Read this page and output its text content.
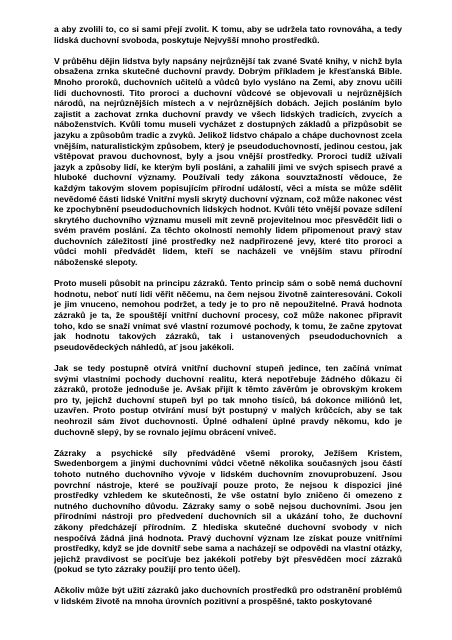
a aby zvolili to, co si sami přejí zvolit. K tomu, aby se udržela tato rovnováha, a tedy lidská duchovní svoboda, poskytuje Nejvyšší mnoho prostředků.

V průběhu dějin lidstva byly napsány nejrůznější tak zvané Svaté knihy, v nichž byla obsažena zrnka skutečné duchovní pravdy. Dobrým příkladem je křesťanská Bible. Mnoho proroků, duchovních učitelů a vůdců bylo vysláno na Zemi, aby znovu učili lidi duchovnosti. Tito proroci a duchovní vůdcové se objevovali u nejrůznějších národů, na nejrůznějších místech a v nejrůznějších dobách. Jejich posláním bylo zajistit a zachovat zrnka duchovní pravdy ve všech lidských tradicích, zvycích a náboženstvích. Kvůli tomu museli vycházet z dostupných základů a přizpůsobit se jazyku a způsobům tradic a zvyků. Jelikož lidstvo chápalo a chápe duchovnost zcela vnějším, naturalistickým způsobem, který je pseudoduchovností, jedinou cestou, jak vštěpovat pravou duchovnost, byly a jsou vnější prostředky. Proroci tudíž užívali jazyk a způsoby lidí, ke kterým byli posláni, a zahalili jimi ve svých spisech pravé a hluboké duchovní významy. Používali tedy zákona souvztažností vědouce, že každým takovým slovem popisujícím přírodní událostí, věci a místa se může sdělit nevědomé části lidské Vnitřní mysli skrytý duchovní význam, což může nakonec vést ke zpochybnění pseudoduchovních lidských hodnot. Kvůli této vnější povaze sdílení skrytého duchovního významu museli mít zevně projevitelnou moc přesvědčit lidi o svém pravém poslání. Za těchto okolností nemohly lidem připomenout pravý stav duchovních záležitostí jiné prostředky než nadpřirozené jevy, které tito proroci a vůdci mohli předvádět lidem, kteří se nacházeli ve vnějším stavu přírodní náboženské slepoty.

Proto museli působit na principu zázraků. Tento princip sám o sobě nemá duchovní hodnotu, neboť nutí lidi věřit něčemu, na čem nejsou životně zainteresováni. Cokoli je jim vnuceno, nemohou podržet, a tedy je to pro ně nepoužitelné. Pravá hodnota zázraků je ta, že spouštějí vnitřní duchovní procesy, což může nakonec připravit toho, kdo se snaží vnímat své vlastní rozumové pochody, k tomu, že začne zpytovat jak hodnotu takových zázraků, tak i ustanovených pseudoduchovních a pseudovědeckých náhledů, ať jsou jakékoli.

Jak se tedy postupně otvírá vnitřní duchovní stupeň jedince, ten začíná vnímat svými vlastními pochody duchovní realitu, která nepotřebuje žádného důkazu či zázraků, protože jednoduše je. Avšak přijít k těmto závěrům je obrovským krokem pro ty, jejichž duchovní stupeň byl po tak mnoho tisíců, bá dokonce miliónů let, uzavřen. Proto postup otvírání musí být postupný v malých krůčcích, aby se tak neohrozil sám život duchovnosti. Úplné odhalení úplné pravdy někomu, kdo je duchovně slepý, by se rovnalo jejímu obrácení vniveč.

Zázraky a psychické síly předváděné všemi proroky, Ježíšem Kristem, Swedenborgem a jinými duchovními vůdci včetně několika současných jsou částí tohoto nutného duchovního vývoje v lidském duchovním znovuprobuzení. Jsou povrchní nástroje, které se používají pouze proto, že nejsou k dispozici jiné prostředky vzhledem ke skutečnosti, že vše ostatní bylo zničeno či omezeno z nutného duchovního důvodu. Zázraky samy o sobě nejsou duchovními. Jsou jen přírodními nástroji pro předvedení duchovních sil a ukázání toho, že duchovní zákony předcházejí přírodním. Z hlediska skutečné duchovní svobody v nich nespočívá žádná jiná hodnota. Pravý duchovní význam lze získat pouze vnitřními prostředky, když se jde dovnitř sebe sama a nacházejí se odpovědi na vlastní otázky, jejichž pravdivost se pociťuje bez jakékoli potřeby být přesvědčen mocí zázraků (pokud se tyto zázraky použijí pro tento účel).

Ačkoliv může být užití zázraků jako duchovních prostředků pro odstranění problémů v lidském životě na mnoha úrovních pozitivní a prospěšné, takto poskytované
